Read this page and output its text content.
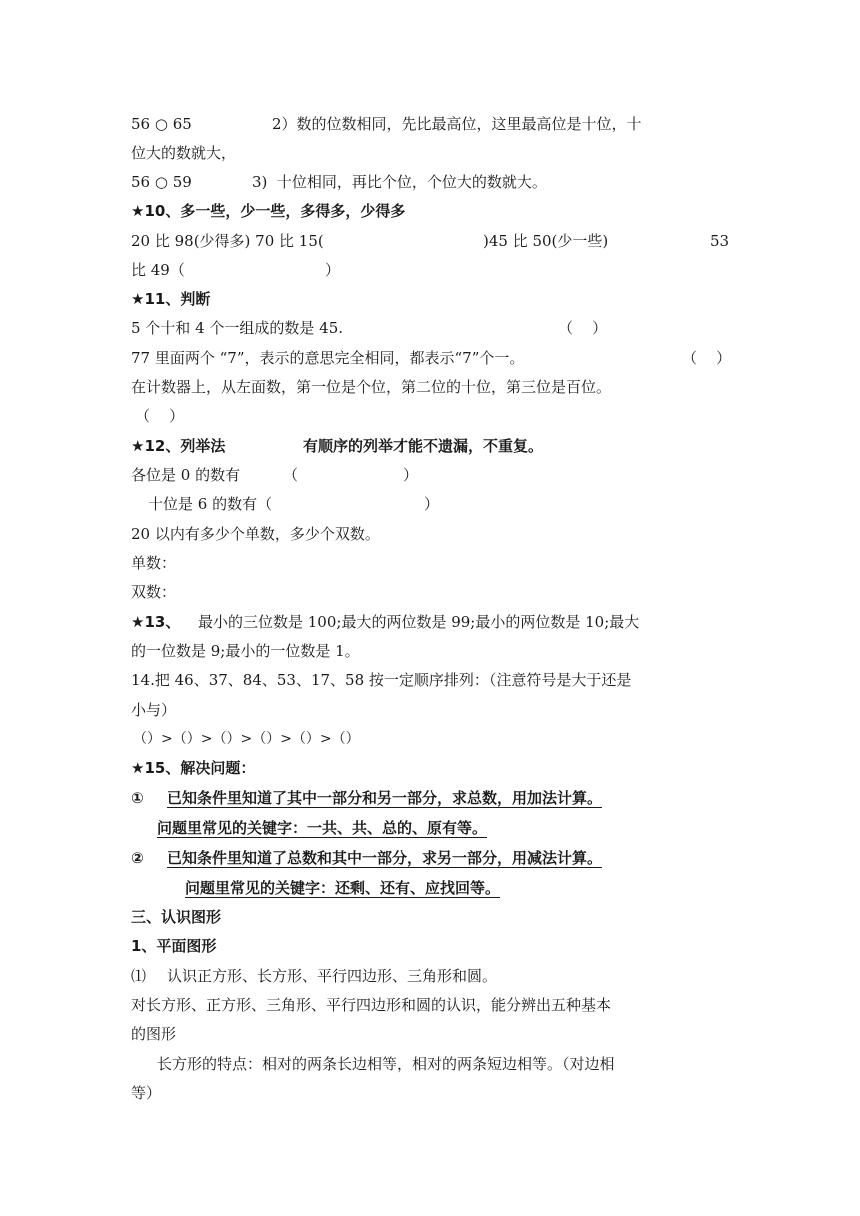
56 ○ 65	2）数的位数相同，先比最高位，这里最高位是十位，十
位大的数就大，
56 ○ 59	3)  十位相同，再比个位，个位大的数就大。
★10、多一些，少一些，多得多，少得多
20 比 98(少得多) 70 比 15(	)45 比 50(少一些)	53
比 49（	）
★11、判断
5 个十和 4 个一组成的数是 45.	（    ）
77 里面两个 “7”，表示的意思完全相同，都表示“7”个一。	（    ）
在计数器上，从左面数，第一位是个位，第二位的十位，第三位是百位。
（    ）
★12、列举法	有顺序的列举才能不遗漏，不重复。
各位是 0 的数有	（	）
十位是 6 的数有（	）
20 以内有多少个单数，多少个双数。
单数：
双数：
★13、 最小的三位数是 100;最大的两位数是 99;最小的两位数是 10;最大
的一位数是 9;最小的一位数是 1。
14.把 46、37、84、53、17、58 按一定顺序排列：（注意符号是大于还是
小与）
（）>（）>（）>（）>（）>（）
★15、解决问题：
① 已知条件里知道了其中一部分和另一部分，求总数，用加法计算。
问题里常见的关键字：一共、共、总的、原有等。
② 已知条件里知道了总数和其中一部分，求另一部分，用减法计算。
问题里常见的关键字：还剩、还有、应找回等。
三、认识图形
1、平面图形
⑴ 认识正方形、长方形、平行四边形、三角形和圆。
对长方形、正方形、三角形、平行四边形和圆的认识，能分辨出五种基本
的图形
长方形的特点：相对的两条长边相等，相对的两条短边相等。（对边相
等）
